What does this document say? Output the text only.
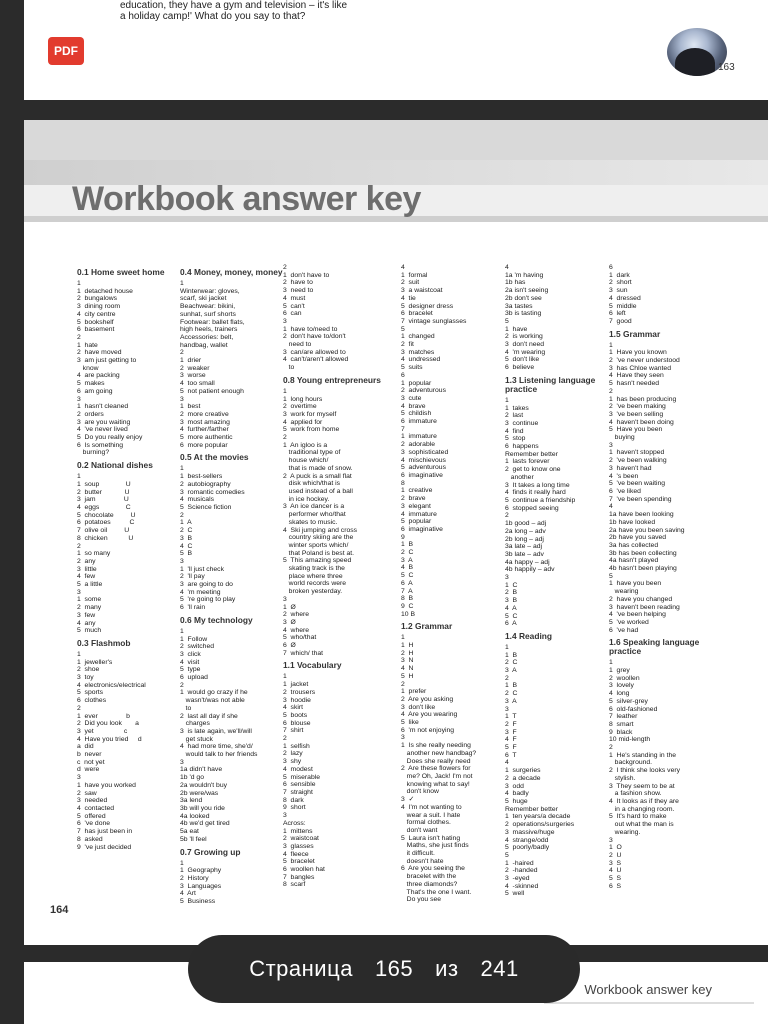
education, they have a gym and television – it's like
a holiday camp!' What do you say to that?
PDF
163
Workbook answer key
0.1 Home sweet home
1
1  detached house
2  bungalows
3  dining room
4  city centre
5  bookshelf
6  basement
2
1  hate
2  have moved
3  am just getting to
know
4  are packing
5  makes
6  am going
3
1  hasn't cleaned
2  orders
3  are you waiting
4  've never lived
5  Do you really enjoy
6  Is something
burning?
0.2 National dishes
1
1  soup              U
2  butter            U
3  jam               U
4  eggs              C
5  chocolate         U
6  potatoes          C
7  olive oil         U
8  chicken           U
2
1  so many
2  any
3  little
4  few
5  a little
3
1  some
2  many
3  few
4  any
5  much
0.3 Flashmob
1
1  jeweller's
2  shoe
3  toy
4  electronics/electrical
5  sports
6  clothes
2
1  ever               b
2  Did you look       a
3  yet                c
4  Have you tried     d
a  did
b  never
c  not yet
d  were
3
1  have you worked
2  saw
3  needed
4  contacted
5  offered
6  've done
7  has just been in
8  asked
9  've just decided
0.4 Money, money, money
1
Winterwear: gloves,
scarf, ski jacket
Beachwear: bikini,
sunhat, surf shorts
Footwear: ballet flats,
high heels, trainers
Accessories: belt,
handbag, wallet
2
1  drier
2  weaker
3  worse
4  too small
5  not patient enough
3
1  best
2  more creative
3  most amazing
4  further/farther
5  more authentic
6  more popular
0.5 At the movies
1
1  best-sellers
2  autobiography
3  romantic comedies
4  musicals
5  Science fiction
2
1  A
2  C
3  B
4  C
5  B
3
1  'll just check
2  'll pay
3  are going to do
4  'm meeting
5  're going to play
6  'll rain
0.6 My technology
1
1  Follow
2  switched
3  click
4  visit
5  type
6  upload
2
1  would go crazy if he
wasn't/was not able
to
2  last all day if she
charges
3  is late again, we'll/will
get stuck
4  had more time, she'd/
would talk to her friends
3
1a didn't have
1b 'd go
2a wouldn't buy
2b were/was
3a lend
3b will you ride
4a looked
4b we'd get tired
5a eat
5b 'll feel
0.7 Growing up
1
1  Geography
2  History
3  Languages
4  Art
5  Business
2
1  don't have to
2  have to
3  need to
4  must
5  can't
6  can
3
1  have to/need to
2  don't have to/don't
need to
3  can/are allowed to
4  can't/aren't allowed
to
0.8 Young entrepreneurs
1
1  long hours
2  overtime
3  work for myself
4  applied for
5  work from home
2
1  An igloo is a
traditional type of
house which/
that is made of snow.
2  A puck is a small flat
disk which/that is
used instead of a ball
in ice hockey.
3  An ice dancer is a
performer who/that
skates to music.
4  Ski jumping and cross
country skiing are the
winter sports which/
that Poland is best at.
5  This amazing speed
skating track is the
place where three
world records were
broken yesterday.
3
1  Ø
2  where
3  Ø
4  where
5  who/that
6  Ø
7  which/ that
1.1 Vocabulary
1
1  jacket
2  trousers
3  hoodie
4  skirt
5  boots
6  blouse
7  shirt
2
1  selfish
2  lazy
3  shy
4  modest
5  miserable
6  sensible
7  straight
8  dark
9  short
3
Across:
1  mittens
2  waistcoat
3  glasses
4  fleece
5  bracelet
6  woollen hat
7  bangles
8  scarf
4
1  formal
2  suit
3  a waistcoat
4  tie
5  designer dress
6  bracelet
7  vintage sunglasses
5
1  changed
2  fit
3  matches
4  undressed
5  suits
6
1  popular
2  adventurous
3  cute
4  brave
5  childish
6  immature
7
1  immature
2  adorable
3  sophisticated
4  mischievous
5  adventurous
6  imaginative
8
1  creative
2  brave
3  elegant
4  immature
5  popular
6  imaginative
9
1  B
2  C
3  A
4  B
5  C
6  A
7  A
8  B
9  C
10 B
1.2 Grammar
1
1  H
2  H
3  N
4  N
5  H
2
1  prefer
2  Are you asking
3  don't like
4  Are you wearing
5  like
6  'm not enjoying
3
1  Is she really needing
another new handbag?
Does she really need
2  Are these flowers for
me? Oh, Jack! I'm not
knowing what to say!
don't know
3  ✓
4  I'm not wanting to
wear a suit. I hate
formal clothes.
don't want
5  Laura isn't hating
Maths, she just finds
it difficult.
doesn't hate
6  Are you seeing the
bracelet with the
three diamonds?
That's the one I want.
Do you see
4
1a 'm having
1b has
2a isn't seeing
2b don't see
3a tastes
3b is tasting
5
1  have
2  is working
3  don't need
4  'm wearing
5  don't like
6  believe
1.3 Listening language practice
1
1  takes
2  last
3  continue
4  find
5  stop
6  happens
Remember better
1  lasts forever
2  get to know one
another
3  It takes a long time
4  finds it really hard
5  continue a friendship
6  stopped seeing
2
1b good – adj
2a long – adv
2b long – adj
3a late – adj
3b late – adv
4a happy – adj
4b happily – adv
3
1  C
2  B
3  B
4  A
5  C
6  A
1.4 Reading
1
1  B
2  C
3  A
2
1  B
2  C
3  A
3
1  T
2  F
3  F
4  F
5  F
6  T
4
1  surgeries
2  a decade
3  odd
4  badly
5  huge
Remember better
1  ten years/a decade
2  operations/surgeries
3  massive/huge
4  strange/odd
5  poorly/badly
5
1  -haired
2  -handed
3  -eyed
4  -skinned
5  well
6
1  dark
2  short
3  sun
4  dressed
5  middle
6  left
7  good
1.5 Grammar
1
1  Have you known
2  've never understood
3  has Chloe wanted
4  Have they seen
5  hasn't needed
2
1  has been producing
2  've been making
3  've been selling
4  haven't been doing
5  Have you been
buying
3
1  haven't stopped
2  've been walking
3  haven't had
4  's been
5  've been waiting
6  've liked
7  've been spending
4
1a have been looking
1b have looked
2a have you been saving
2b have you saved
3a has collected
3b has been collecting
4a hasn't played
4b hasn't been playing
5
1  have you been
wearing
2  have you changed
3  haven't been reading
4  've been helping
5  've worked
6  've had
1.6 Speaking language practice
1
1  grey
2  woollen
3  lovely
4  long
5  silver-grey
6  old-fashioned
7  leather
8  smart
9  black
10 mid-length
2
1  He's standing in the
background.
2  I think she looks very
stylish.
3  They seem to be at
a fashion show.
4  It looks as if they are
in a changing room.
5  It's hard to make
out what the man is
wearing.
3
1  O
2  U
3  S
4  U
5  S
6  S
164
Workbook answer key
Страница 165 из 241
